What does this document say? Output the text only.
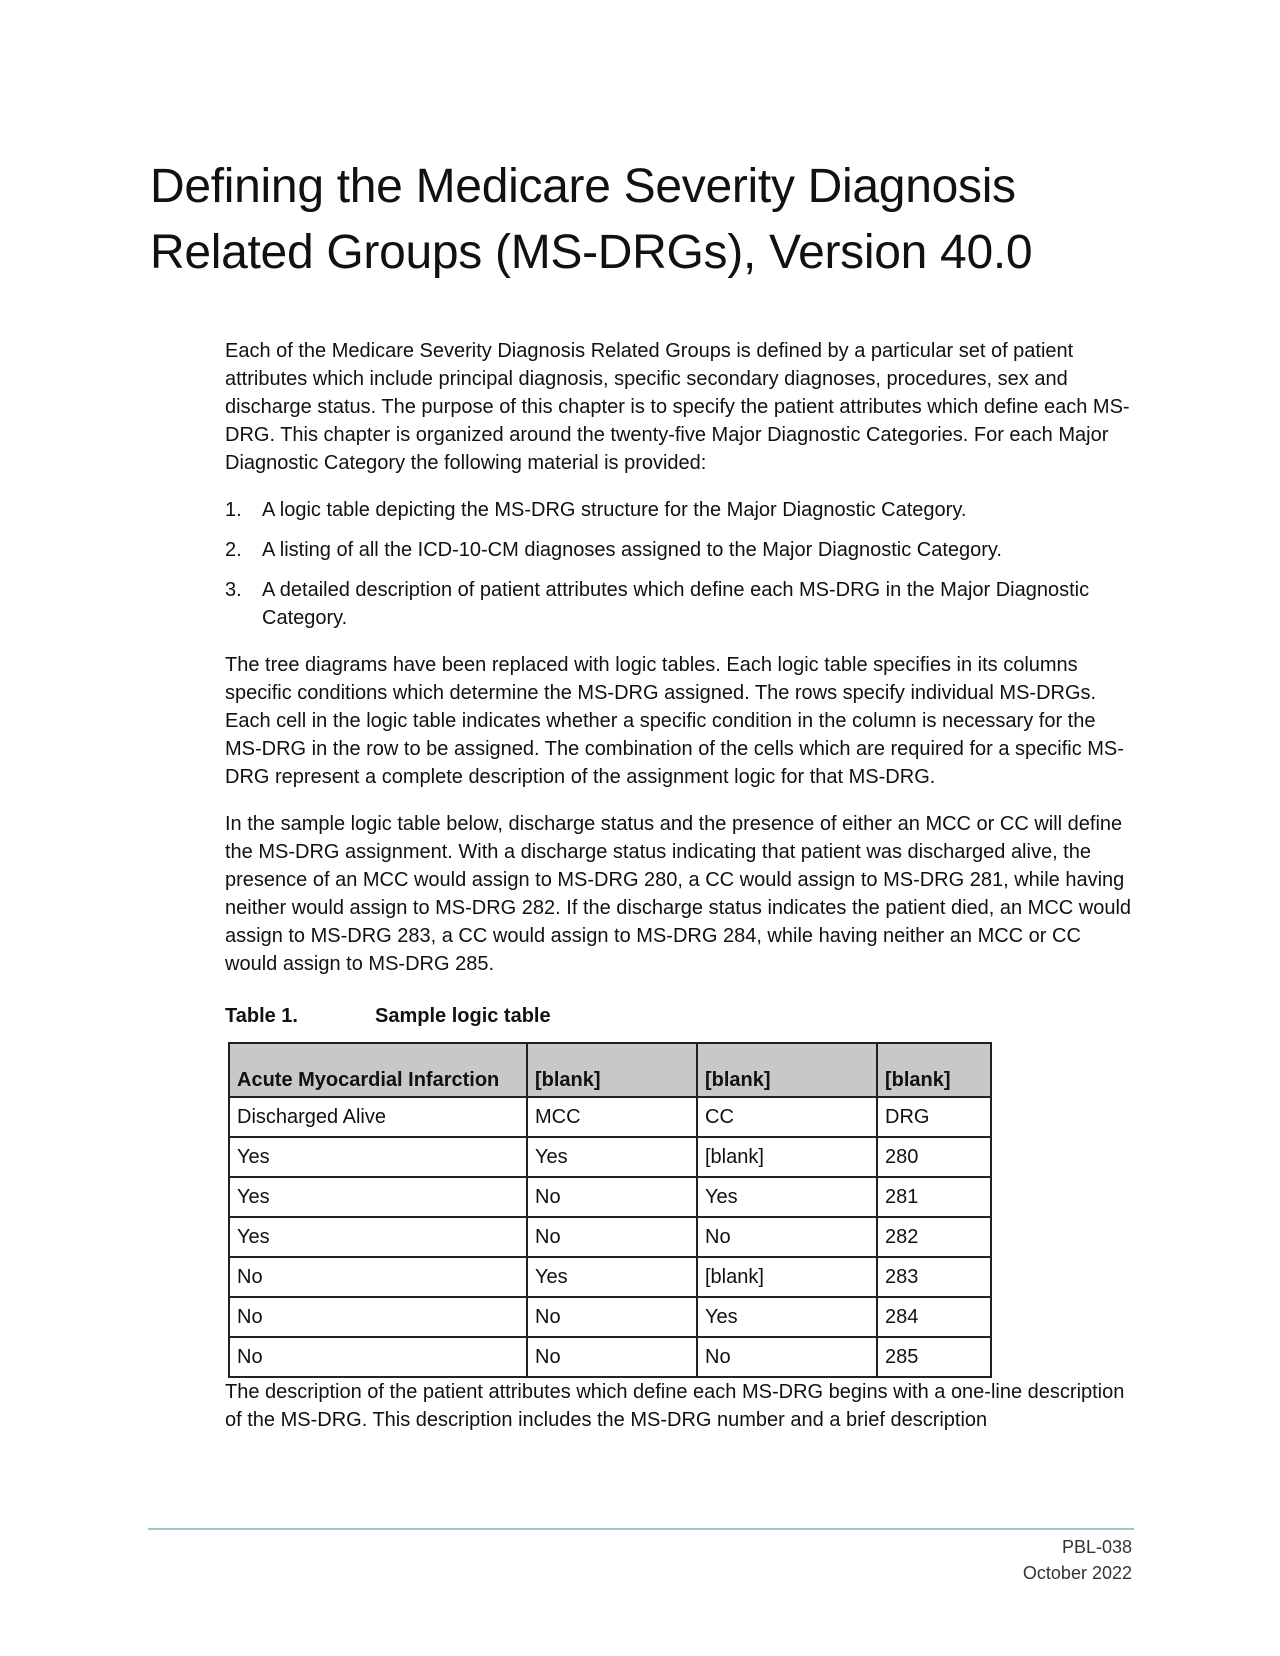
Defining the Medicare Severity Diagnosis
Related Groups (MS-DRGs), Version 40.0

Each of the Medicare Severity Diagnosis Related Groups is defined by a particular set of patient attributes which include principal diagnosis, specific secondary diagnoses, procedures, sex and discharge status. The purpose of this chapter is to specify the patient attributes which define each MS-DRG. This chapter is organized around the twenty-five Major Diagnostic Categories. For each Major Diagnostic Category the following material is provided:

1.	A logic table depicting the MS-DRG structure for the Major Diagnostic Category.
2.	A listing of all the ICD-10-CM diagnoses assigned to the Major Diagnostic Category.
3.	A detailed description of patient attributes which define each MS-DRG in the Major Diagnostic Category.

The tree diagrams have been replaced with logic tables. Each logic table specifies in its columns specific conditions which determine the MS-DRG assigned. The rows specify individual MS-DRGs. Each cell in the logic table indicates whether a specific condition in the column is necessary for the MS-DRG in the row to be assigned. The combination of the cells which are required for a specific MS-DRG represent a complete description of the assignment logic for that MS-DRG.

In the sample logic table below, discharge status and the presence of either an MCC or CC will define the MS-DRG assignment. With a discharge status indicating that patient was discharged alive, the presence of an MCC would assign to MS-DRG 280, a CC would assign to MS-DRG 281, while having neither would assign to MS-DRG 282. If the discharge status indicates the patient died, an MCC would assign to MS-DRG 283, a CC would assign to MS-DRG 284, while having neither an MCC or CC would assign to MS-DRG 285.

Table 1.	Sample logic table
Acute Myocardial Infarction	[blank]	[blank]	[blank]
Discharged Alive	MCC	CC	DRG
Yes	Yes	[blank]	280
Yes	No	Yes	281
Yes	No	No	282
No	Yes	[blank]	283
No	No	Yes	284
No	No	No	285

The description of the patient attributes which define each MS-DRG begins with a one-line description of the MS-DRG. This description includes the MS-DRG number and a brief description

PBL-038
October 2022
